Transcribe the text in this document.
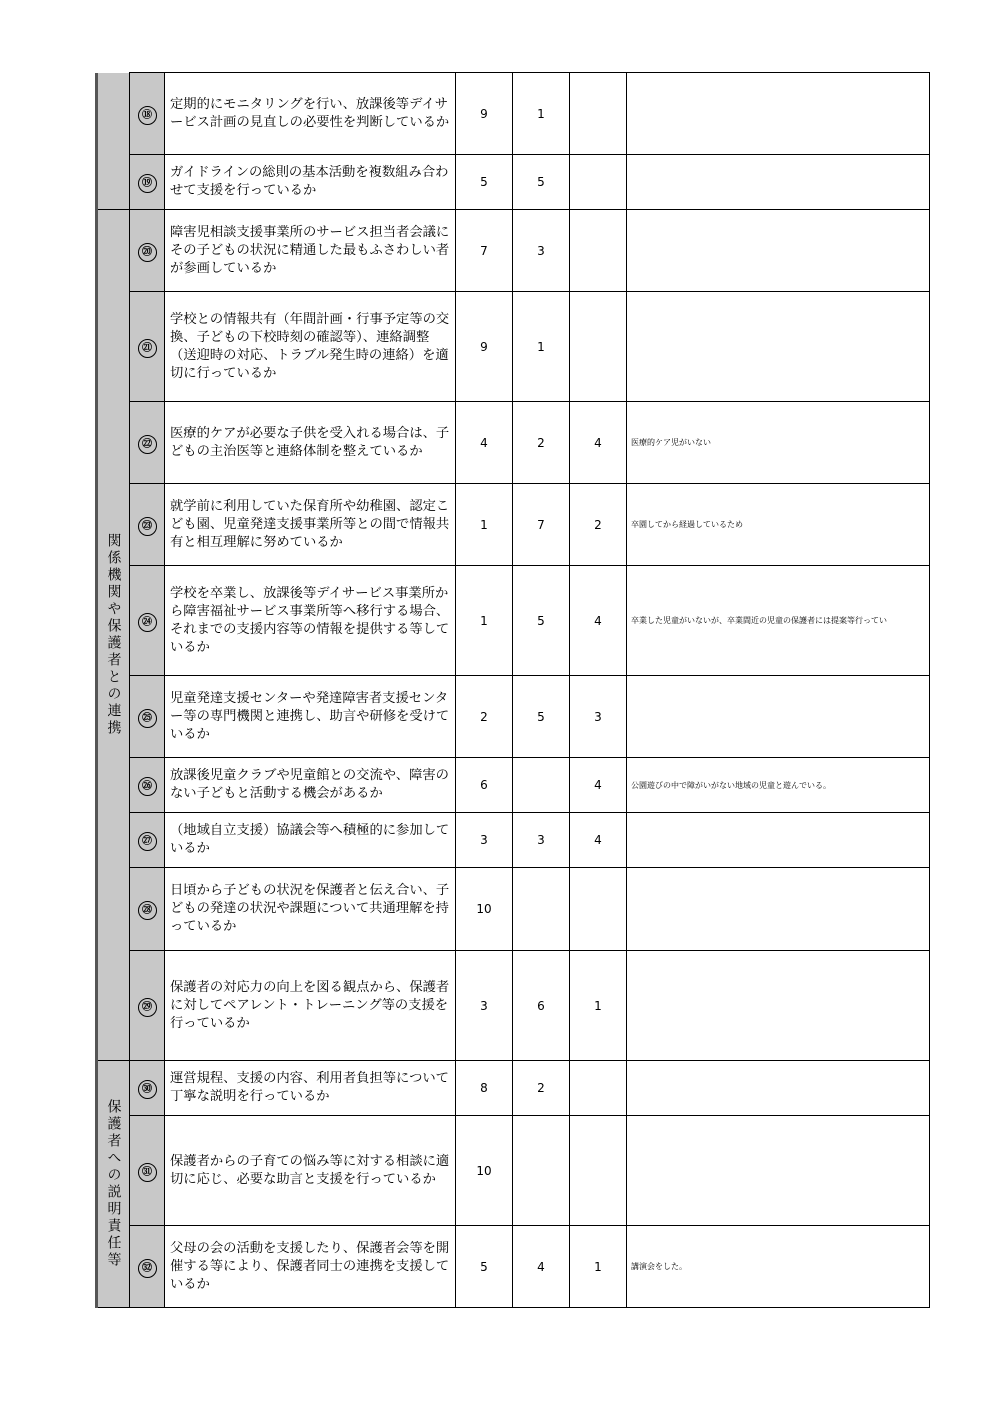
	⑱	定期的にモニタリングを行い、放課後等デイサービス計画の見直しの必要性を判断しているか	9	1		
	⑲	ガイドラインの総則の基本活動を複数組み合わせて支援を行っているか	5	5		

関係機関や保護者との連携	⑳	障害児相談支援事業所のサービス担当者会議にその子どもの状況に精通した最もふさわしい者が参画しているか	7	3		
	㉑	学校との情報共有（年間計画・行事予定等の交換、子どもの下校時刻の確認等）、連絡調整（送迎時の対応、トラブル発生時の連絡）を適切に行っているか	9	1		
	㉒	医療的ケアが必要な子供を受入れる場合は、子どもの主治医等と連絡体制を整えているか	4	2	4	医療的ケア児がいない
	㉓	就学前に利用していた保育所や幼稚園、認定こども園、児童発達支援事業所等との間で情報共有と相互理解に努めているか	1	7	2	卒園してから経過しているため
	㉔	学校を卒業し、放課後等デイサービス事業所から障害福祉サービス事業所等へ移行する場合、それまでの支援内容等の情報を提供する等しているか	1	5	4	卒業した児童がいないが、卒業間近の児童の保護者には提案等行ってい
	㉕	児童発達支援センターや発達障害者支援センター等の専門機関と連携し、助言や研修を受けているか	2	5	3	
	㉖	放課後児童クラブや児童館との交流や、障害のない子どもと活動する機会があるか	6		4	公園遊びの中で障がいがない地域の児童と遊んでいる。
	㉗	（地域自立支援）協議会等へ積極的に参加しているか	3	3	4	
	㉘	日頃から子どもの状況を保護者と伝え合い、子どもの発達の状況や課題について共通理解を持っているか	10			
	㉙	保護者の対応力の向上を図る観点から、保護者に対してペアレント・トレーニング等の支援を行っているか	3	6	1	

保護者への説明責任等	㉚	運営規程、支援の内容、利用者負担等について丁寧な説明を行っているか	8	2		
	㉛	保護者からの子育ての悩み等に対する相談に適切に応じ、必要な助言と支援を行っているか	10			
	㉜	父母の会の活動を支援したり、保護者会等を開催する等により、保護者同士の連携を支援しているか	5	4	1	講演会をした。
